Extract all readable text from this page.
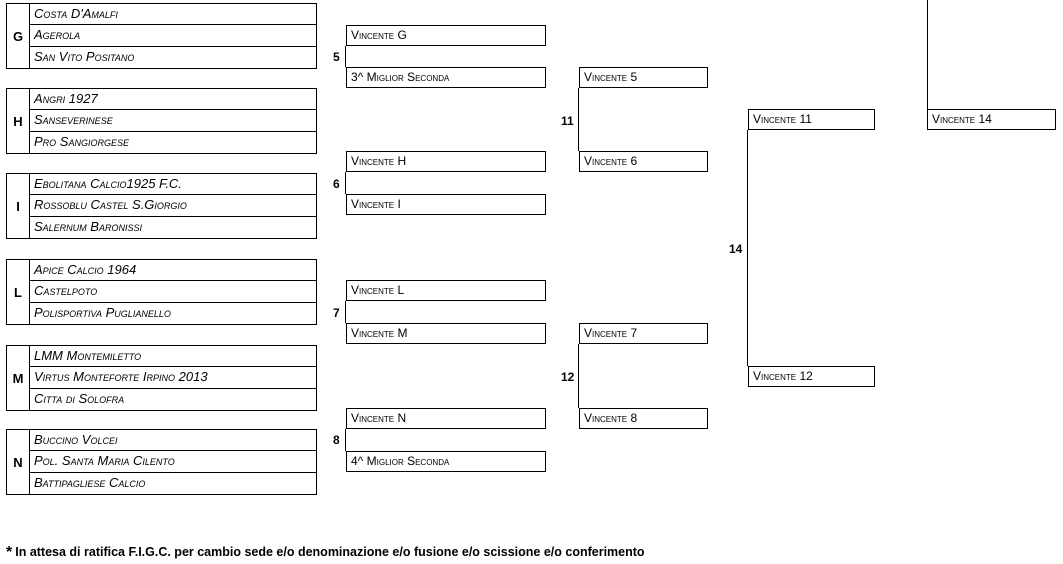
G
Costa D'Amalfi
Agerola
San Vito Positano
H
Angri 1927
Sanseverinese
Pro Sangiorgese
I
Ebolitana Calcio1925 F.C.
Rossoblu Castel S.Giorgio
Salernum Baronissi
L
Apice Calcio 1964
Castelpoto
Polisportiva Puglianello
M
LMM Montemiletto
Virtus Monteforte Irpino 2013
Citta di Solofra
N
Buccino Volcei
Pol. Santa Maria Cilento
Battipagliese Calcio
Vincente G
3^ Miglior Seconda
5
Vincente H
Vincente I
6
Vincente L
Vincente M
7
Vincente N
4^ Miglior Seconda
8
Vincente 5
Vincente 6
11
Vincente 7
Vincente 8
12
Vincente 11
Vincente 12
14
Vincente 14
* In attesa di ratifica F.I.G.C. per cambio sede e/o denominazione e/o fusione e/o scissione e/o conferimento
